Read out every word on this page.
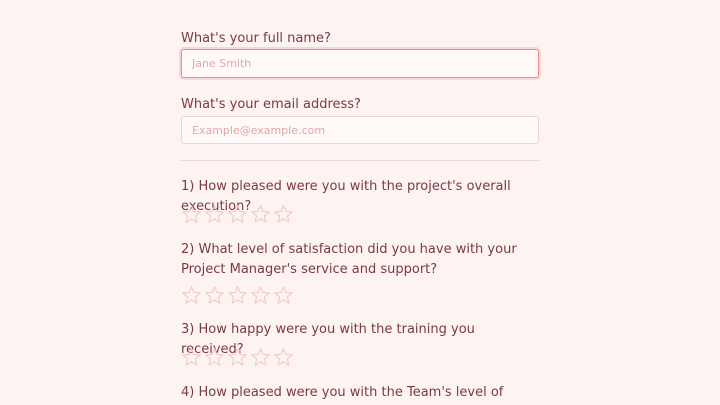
What's your full name?
Jane Smith
What's your email address?
Example@example.com
1) How pleased were you with the project's overall execution?
2) What level of satisfaction did you have with your Project Manager's service and support?
3) How happy were you with the training you received?
4) How pleased were you with the Team's level of
